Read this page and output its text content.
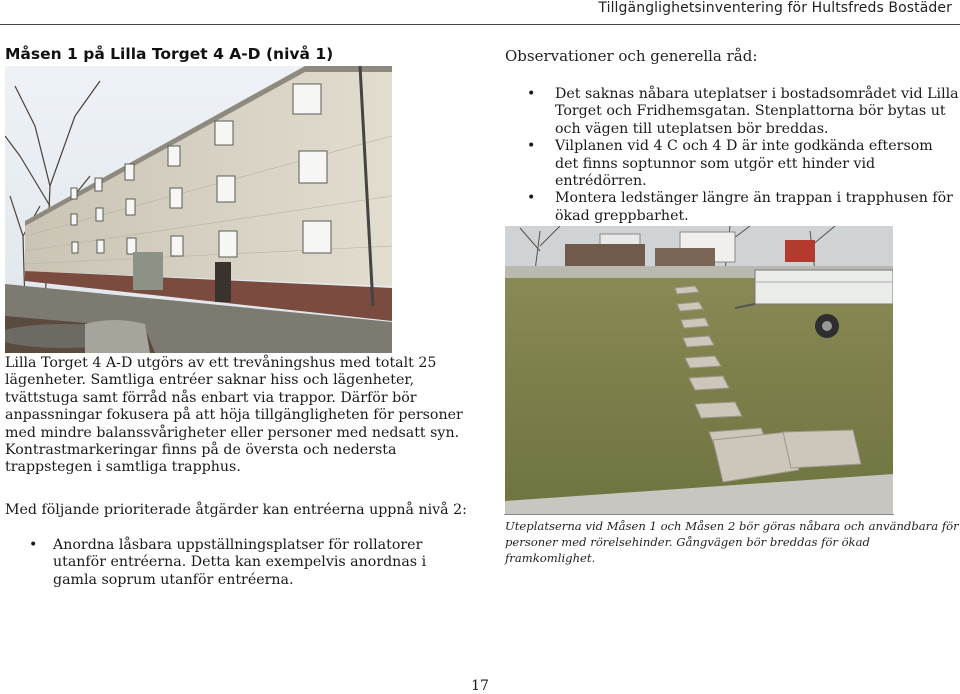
Tillgänglighetsinventering för Hultsfreds Bostäder
Måsen 1 på Lilla Torget 4 A-D (nivå 1)	Observationer och generella råd:
• Det saknas nåbara uteplatser i bostadsområdet vid Lilla Torget och Fridhemsgatan. Stenplattorna bör bytas ut och vägen till uteplatsen bör breddas.
• Vilplanen vid 4 C och 4 D är inte godkända eftersom det finns soptunnor som utgör ett hinder vid entrédörren.
• Montera ledstänger längre än trappan i trapphusen för ökad greppbarhet.
Lilla Torget 4 A-D utgörs av ett trevåningshus med totalt 25 lägenheter. Samtliga entréer saknar hiss och lägenheter, tvättstuga samt förråd nås enbart via trappor. Därför bör anpassningar fokusera på att höja tillgängligheten för personer med mindre balanssvårigheter eller personer med nedsatt syn. Kontrastmarkeringar finns på de översta och nedersta trappstegen i samtliga trapphus.
Uteplatserna vid Måsen 1 och Måsen 2 bör göras nåbara och användbara för personer med rörelsehinder. Gångvägen bör breddas för ökad framkomlighet.
Med följande prioriterade åtgärder kan entréerna uppnå nivå 2:
• Anordna låsbara uppställningsplatser för rollatorer utanför entréerna. Detta kan exempelvis anordnas i gamla soprum utanför entréerna.
17
